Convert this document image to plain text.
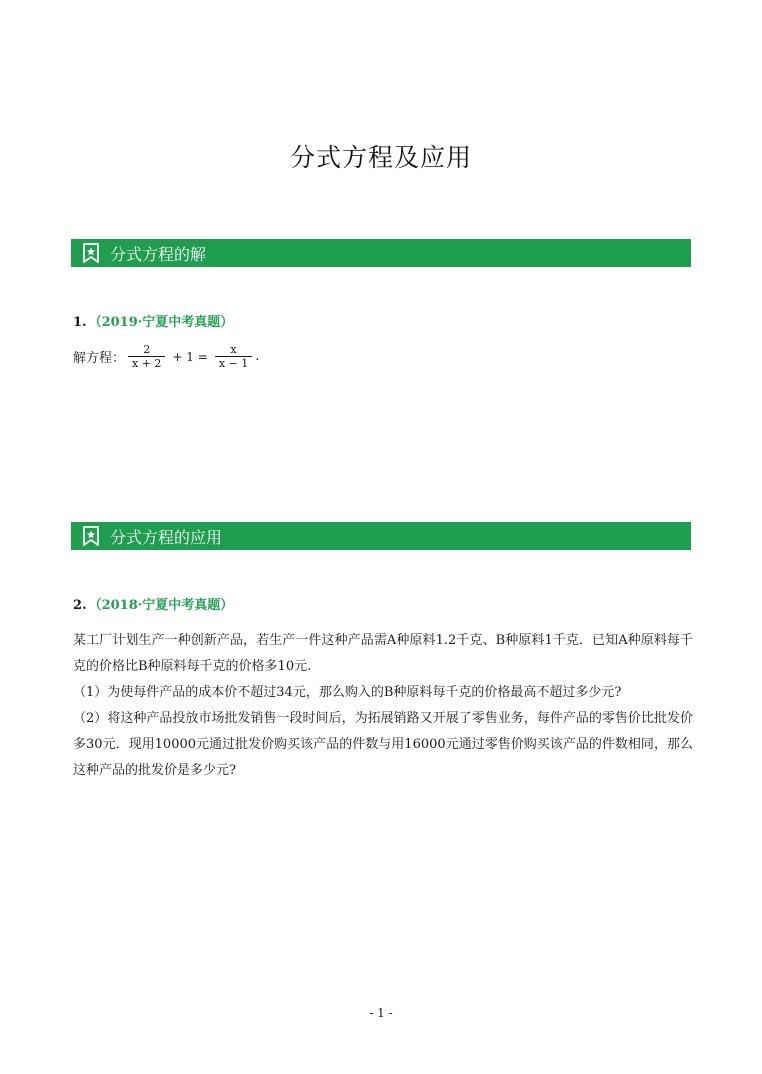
分式方程及应用
分式方程的解
1. （2019·宁夏中考真题）
解方程： $\frac{2}{x + 2} + 1 = \frac{x}{x - 1}$ .
分式方程的应用
2. （2018·宁夏中考真题）
某工厂计划生产一种创新产品，若生产一件这种产品需A种原料1.2千克、B种原料1千克．已知A种原料每千克的价格比B种原料每千克的价格多10元.
（1）为使每件产品的成本价不超过34元，那么购入的B种原料每千克的价格最高不超过多少元?
（2）将这种产品投放市场批发销售一段时间后，为拓展销路又开展了零售业务，每件产品的零售价比批发价多30元．现用10000元通过批发价购买该产品的件数与用16000元通过零售价购买该产品的件数相同，那么这种产品的批发价是多少元?
- 1 -
